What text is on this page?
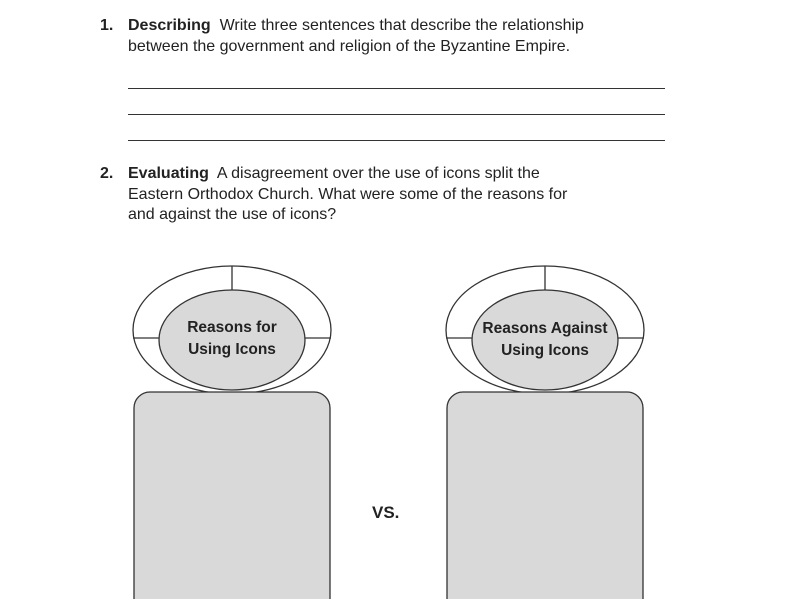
1. Describing Write three sentences that describe the relationship
between the government and religion of the Byzantine Empire.
2. Evaluating A disagreement over the use of icons split the
Eastern Orthodox Church. What were some of the reasons for
and against the use of icons?
Reasons for
Using Icons
Reasons Against
Using Icons
VS.
